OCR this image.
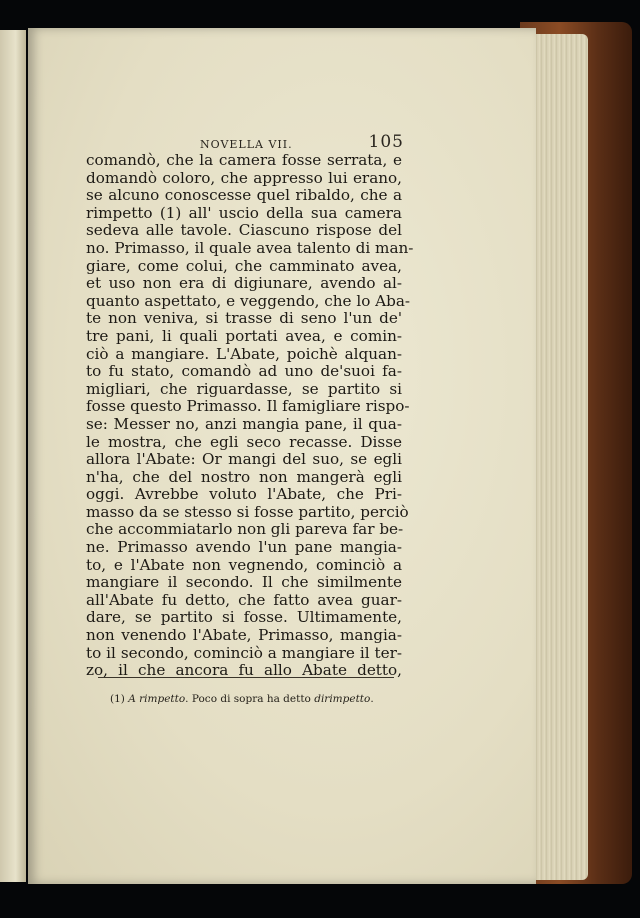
NOVELLA VII.	105
comandò, che la camera fosse serrata, e
domandò coloro, che appresso lui erano,
se alcuno conoscesse quel ribaldo, che a
rimpetto (1) all' uscio della sua camera
sedeva alle tavole. Ciascuno rispose del
no. Primasso, il quale avea talento di man-
giare, come colui, che camminato avea,
et uso non era di digiunare, avendo al-
quanto aspettato, e veggendo, che lo Aba-
te non veniva, si trasse di seno l'un de'
tre pani, li quali portati avea, e comin-
ciò a mangiare. L'Abate, poichè alquan-
to fu stato, comandò ad uno de'suoi fa-
migliari, che riguardasse, se partito si
fosse questo Primasso. Il famigliare rispo-
se: Messer no, anzi mangia pane, il qua-
le mostra, che egli seco recasse. Disse
allora l'Abate: Or mangi del suo, se egli
n'ha, che del nostro non mangerà egli
oggi. Avrebbe voluto l'Abate, che Pri-
masso da se stesso si fosse partito, perciò
che accommiatarlo non gli pareva far be-
ne. Primasso avendo l'un pane mangia-
to, e l'Abate non vegnendo, cominciò a
mangiare il secondo. Il che similmente
all'Abate fu detto, che fatto avea guar-
dare, se partito si fosse. Ultimamente,
non venendo l'Abate, Primasso, mangia-
to il secondo, cominciò a mangiare il ter-
zo, il che ancora fu allo Abate detto,
(1) A rimpetto. Poco di sopra ha detto dirimpetto.
